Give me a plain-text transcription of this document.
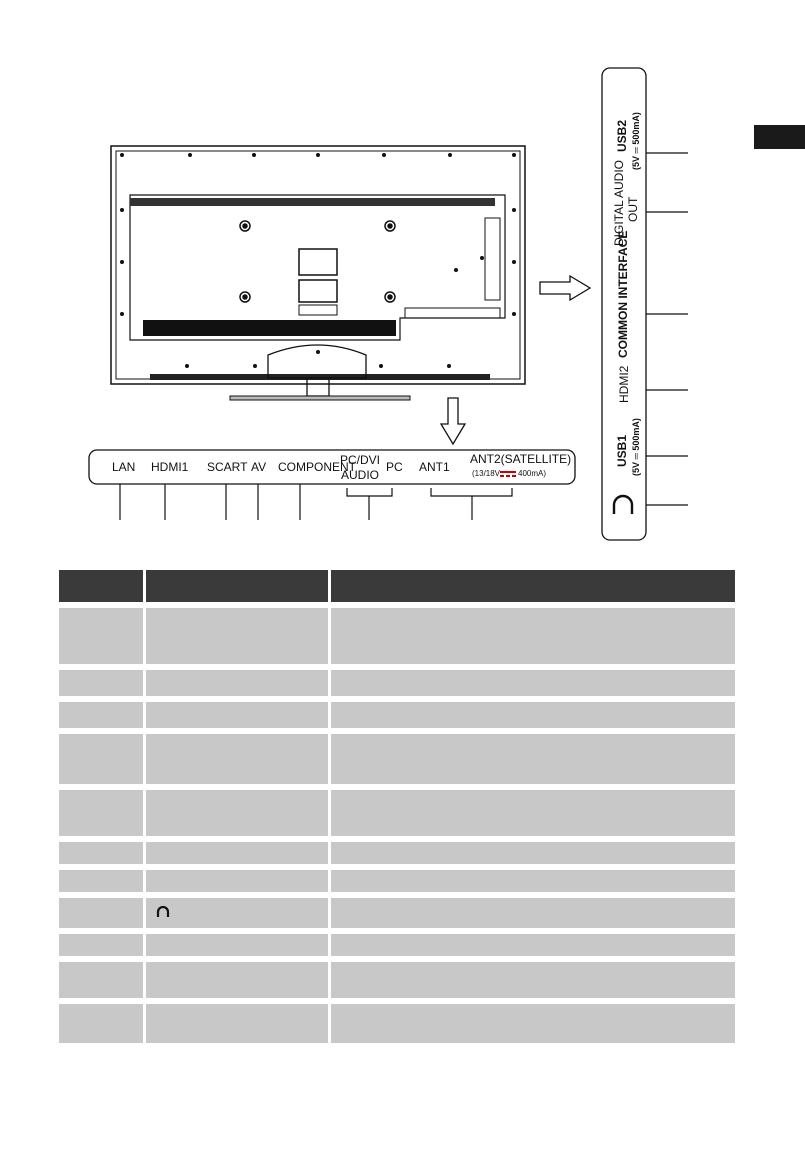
LAN HDMI1 SCART AV COMPONENT
PC/DVI
AUDIO
PC ANT1
ANT2(SATELLITE)
(13/18V 400mA)
USB2 (5V ═ 500mA)
DIGITAL AUDIO OUT
COMMON INTERFACE
HDMI2
USB1 (5V ═ 500mA)
